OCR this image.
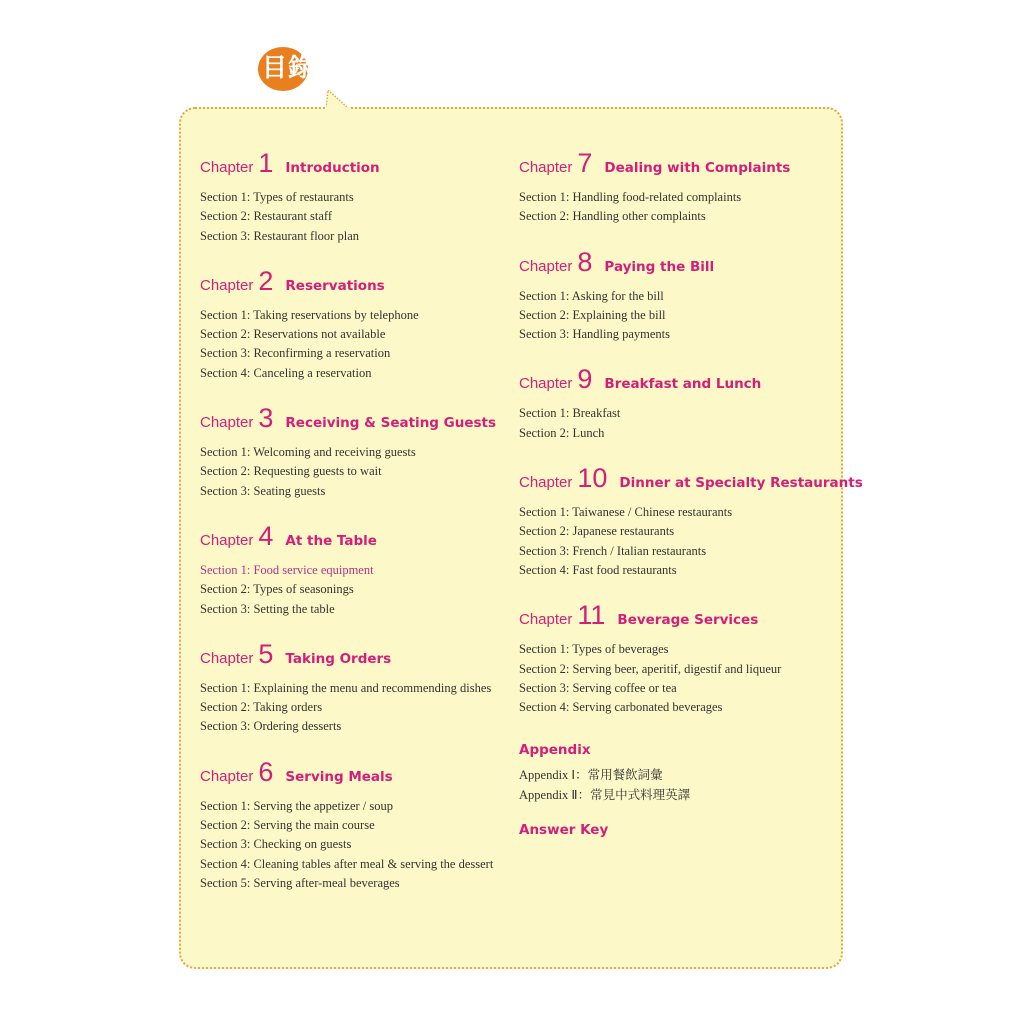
目錄
Chapter 1 Introduction
Section 1: Types of restaurants
Section 2: Restaurant staff
Section 3: Restaurant floor plan
Chapter 2 Reservations
Section 1: Taking reservations by telephone
Section 2: Reservations not available
Section 3: Reconfirming a reservation
Section 4: Canceling a reservation
Chapter 3 Receiving & Seating Guests
Section 1: Welcoming and receiving guests
Section 2: Requesting guests to wait
Section 3: Seating guests
Chapter 4 At the Table
Section 1: Food service equipment
Section 2: Types of seasonings
Section 3: Setting the table
Chapter 5 Taking Orders
Section 1: Explaining the menu and recommending dishes
Section 2: Taking orders
Section 3: Ordering desserts
Chapter 6 Serving Meals
Section 1: Serving the appetizer / soup
Section 2: Serving the main course
Section 3: Checking on guests
Section 4: Cleaning tables after meal & serving the dessert
Section 5: Serving after-meal beverages
Chapter 7 Dealing with Complaints
Section 1: Handling food-related complaints
Section 2: Handling other complaints
Chapter 8 Paying the Bill
Section 1: Asking for the bill
Section 2: Explaining the bill
Section 3: Handling payments
Chapter 9 Breakfast and Lunch
Section 1: Breakfast
Section 2: Lunch
Chapter 10 Dinner at Specialty Restaurants
Section 1: Taiwanese / Chinese restaurants
Section 2: Japanese restaurants
Section 3: French / Italian restaurants
Section 4: Fast food restaurants
Chapter 11 Beverage Services
Section 1: Types of beverages
Section 2: Serving beer, aperitif, digestif and liqueur
Section 3: Serving coffee or tea
Section 4: Serving carbonated beverages
Appendix
Appendix Ⅰ：常用餐飲詞彙
Appendix Ⅱ：常見中式料理英譯
Answer Key
